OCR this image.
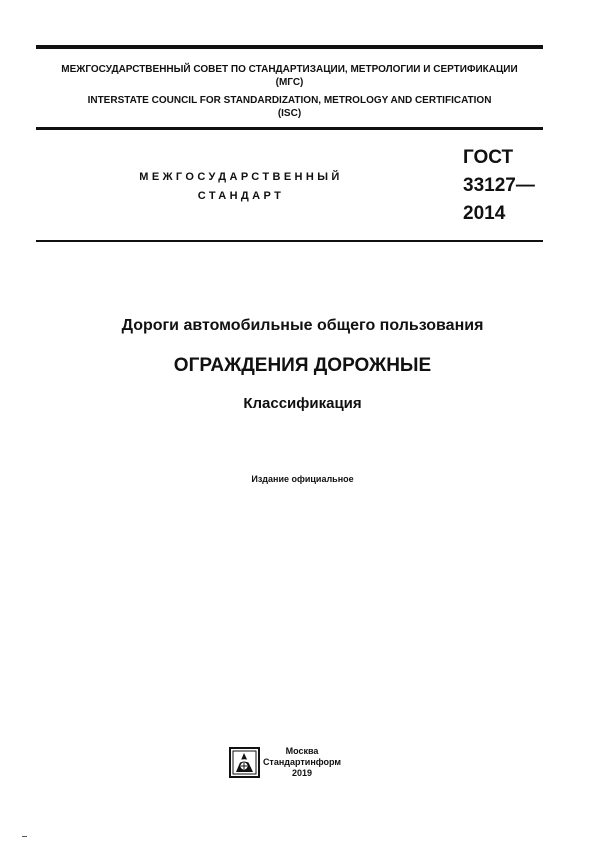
МЕЖГОСУДАРСТВЕННЫЙ СОВЕТ ПО СТАНДАРТИЗАЦИИ, МЕТРОЛОГИИ И СЕРТИФИКАЦИИ
(МГС)
INTERSTATE COUNCIL FOR STANDARDIZATION, METROLOGY AND CERTIFICATION
(ISC)
МЕЖГОСУДАРСТВЕННЫЙ
СТАНДАРТ
ГОСТ
33127—
2014
Дороги автомобильные общего пользования
ОГРАЖДЕНИЯ ДОРОЖНЫЕ
Классификация
Издание официальное
Москва
Стандартинформ
2019
